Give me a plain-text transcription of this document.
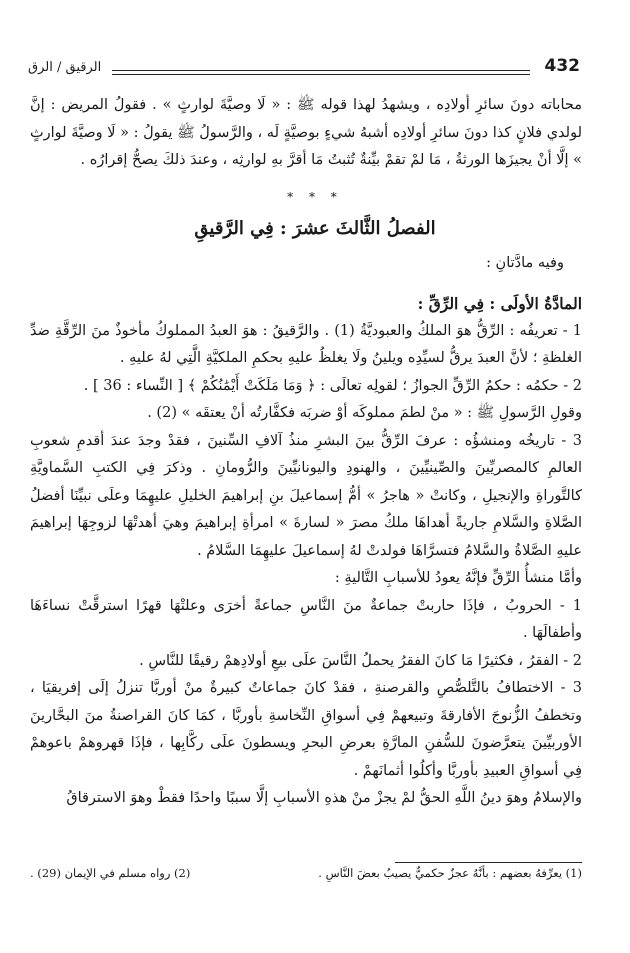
432
الرقيق / الرق

محاباته دونَ سائرِ أولادِه ، ويشهدُ لهذا قوله ﷺ : « لَا وصيَّةَ لوارثٍ » . فقولُ المريض : إنَّ لولدي فلانٍ كذا دونَ سائرِ أولادِه أشبهُ شيءٍ بوصيَّةٍ لَه ، والرَّسولُ ﷺ يقولُ : « لَا وصيَّةَ لوارثٍ » إلَّا أنْ يجيزَها الورثةُ ، مَا لمْ تقمْ بيِّنةٌ تُثبتُ مَا أقرَّ بهِ لوارثِه ، وعندَ ذلكَ يصحُّ إقرارُه .

* * *
الفصلُ الثَّالثَ عشرَ : فِي الرَّقيقِ
وفيه مادَّتانِ :

المادَّةُ الأولَى : فِي الرِّقِّ :

1 - تعريفُه : الرِّقُّ هوَ الملكُ والعبوديَّةُ (1) . والرَّقيقُ : هوَ العبدُ المملوكُ مأخوذٌ منَ الرِّقَّةِ ضدِّ الغلظةِ ؛ لأنَّ العبدَ يرقُّ لسيِّدِه ويلينُ ولَا يغلظُ عليهِ بحكمِ الملكيَّةِ الَّتِي لهُ عليهِ .

2 - حكمُه : حكمُ الرِّقِّ الجوازُ ؛ لقولِه تعالَى : ﴿ وَمَا مَلَكَتْ أَيْمَٰنُكُمْ ﴾ [ النِّساء : 36 ] .

وقولِ الرَّسولِ ﷺ : « منْ لطمَ مملوكَه أوْ ضربَه فكفَّارتُه أنْ يعتقَه » (2) .

3 - تاريخُه ومنشؤُه : عرفَ الرِّقُّ بينَ البشرِ منذُ آلافِ السِّنينَ ، فقدْ وجدَ عندَ أقدمِ شعوبِ العالمِ كالمصريِّينَ والصِّينيِّينَ ، والهنودِ واليونانيِّينَ والرُّومانِ . وذكرَ فِي الكتبِ السَّماويَّةِ كالتَّوراةِ والإنجيلِ ، وكانتْ « هاجرُ » أمُّ إسماعيلَ بنِ إبراهيمَ الخليلِ عليهِمَا وعلَى نبيِّنَا أفضلُ الصَّلاةِ والسَّلامِ جاريةً أهداهَا ملكُ مصرَ « لسارةَ » امرأةِ إبراهيمَ وهيَ أهدتْهَا لزوجِهَا إبراهيمَ عليهِ الصَّلاةُ والسَّلامُ فتسرَّاهَا فولدتْ لهُ إسماعيلَ عليهِمَا السَّلامُ .

وأمَّا منشأُ الرِّقِّ فإنَّهُ يعودُ للأسبابِ التَّاليةِ :

1 - الحروبُ ، فإذَا حاربتْ جماعةٌ منَ النَّاسِ جماعةً أخرَى وعلتْهَا قهرًا استرقَّتْ نساءَهَا وأطفالَهَا .

2 - الفقرُ ، فكثيرًا مَا كانَ الفقرُ يحملُ النَّاسَ علَى بيعِ أولادِهمْ رقيقًا للنَّاسِ .

3 - الاختطافُ بالتَّلصُّصِ والقرصنةِ ، فقدْ كانَ جماعاتٌ كبيرةٌ منْ أوربَّا تنزلُ إلَى إفريقيَا ، وتخطفُ الزُّنوجَ الأفارقةَ وتبيعهمْ فِي أسواقِ النِّخاسةِ بأوربَّا ، كمَا كانَ القراصنةُ منَ البحَّارينَ الأوربيِّينَ يتعرَّضونَ للسُّفنِ المارَّةِ بعرضِ البحرِ ويسطونَ علَى ركَّابِها ، فإذَا قهروهمْ باعوهمْ فِي أسواقِ العبيدِ بأوربَّا وأكلُوا أثمانَهمْ .

والإسلامُ وهوَ دينُ اللَّهِ الحقُّ لمْ يجزْ منْ هذهِ الأسبابِ إلَّا سببًا واحدًا فقطْ وهوَ الاسترقاقُ

(1) يعرِّفهُ بعضهم : بأنَّهُ عجزٌ حكميٌّ يصيبُ بعضَ النَّاسِ .
(2) رواه مسلم في الإيمان (29) .
